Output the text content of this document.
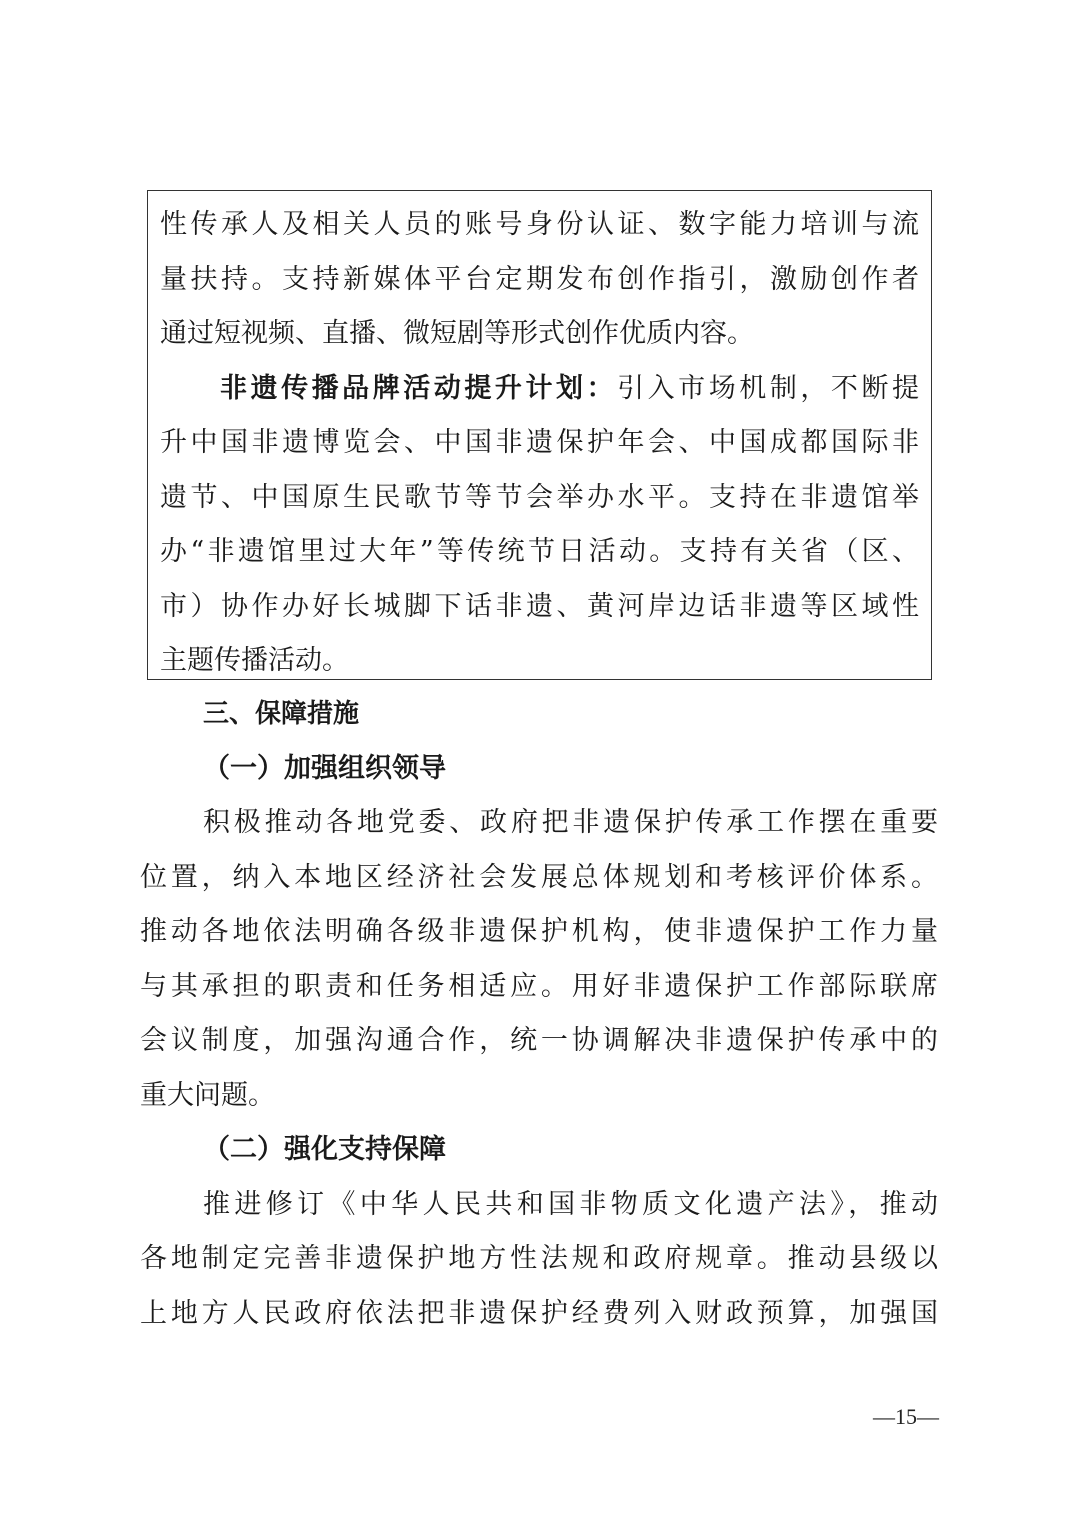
性传承人及相关人员的账号身份认证、数字能力培训与流
量扶持。支持新媒体平台定期发布创作指引，激励创作者
通过短视频、直播、微短剧等形式创作优质内容。
非遗传播品牌活动提升计划：引入市场机制，不断提
升中国非遗博览会、中国非遗保护年会、中国成都国际非
遗节、中国原生民歌节等节会举办水平。支持在非遗馆举
办“非遗馆里过大年”等传统节日活动。支持有关省（区、
市）协作办好长城脚下话非遗、黄河岸边话非遗等区域性
主题传播活动。
三、保障措施
（一）加强组织领导
积极推动各地党委、政府把非遗保护传承工作摆在重要
位置，纳入本地区经济社会发展总体规划和考核评价体系。
推动各地依法明确各级非遗保护机构，使非遗保护工作力量
与其承担的职责和任务相适应。用好非遗保护工作部际联席
会议制度，加强沟通合作，统一协调解决非遗保护传承中的
重大问题。
（二）强化支持保障
推进修订《中华人民共和国非物质文化遗产法》，推动
各地制定完善非遗保护地方性法规和政府规章。推动县级以
上地方人民政府依法把非遗保护经费列入财政预算，加强国
—15—
